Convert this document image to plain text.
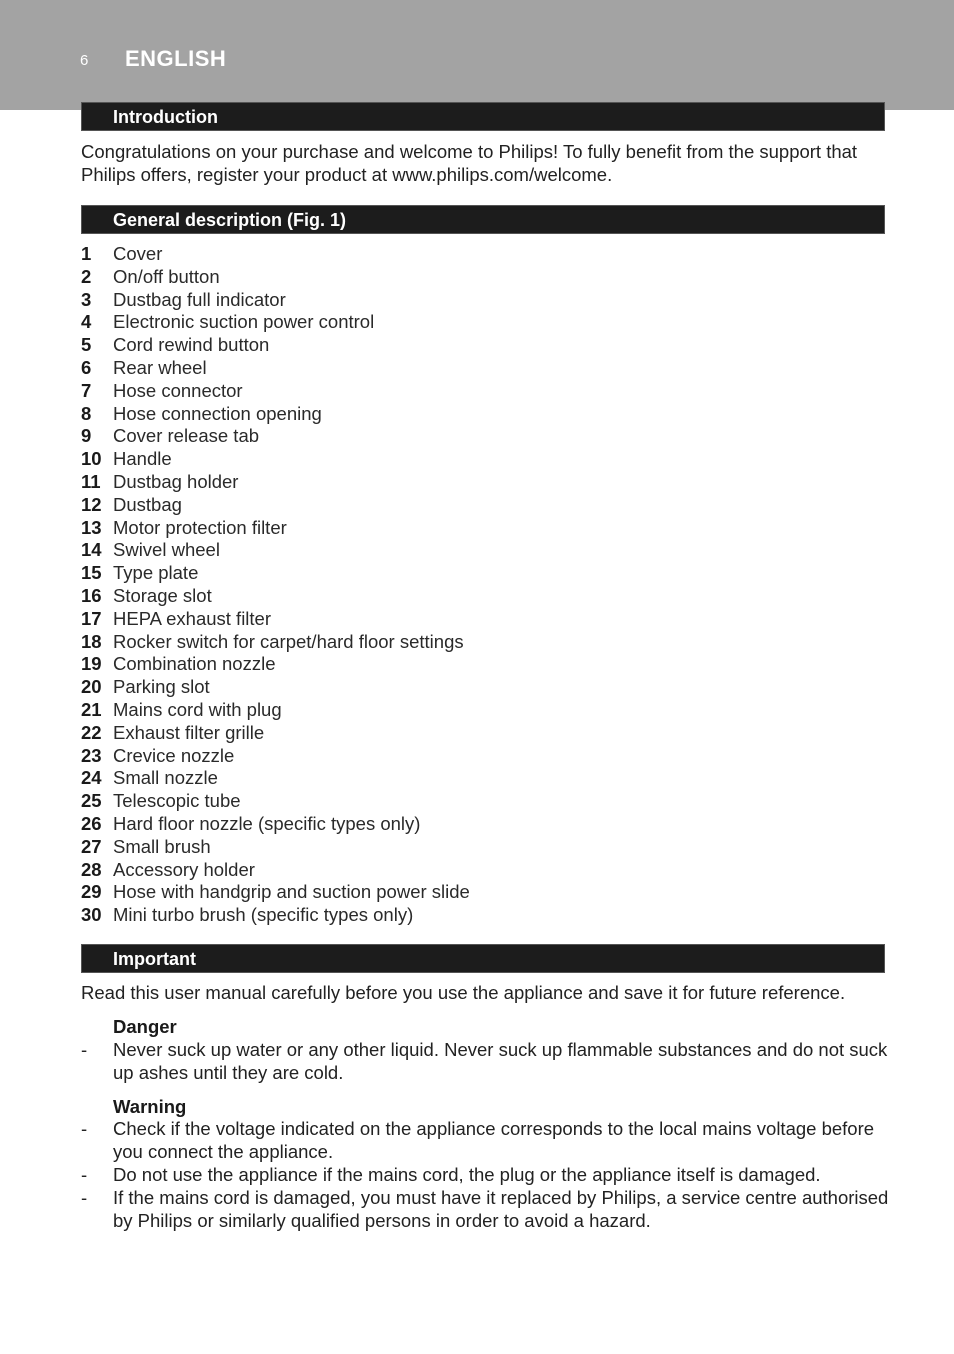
6 ENGLISH
Introduction
Congratulations on your purchase and welcome to Philips! To fully benefit from the support that Philips offers, register your product at www.philips.com/welcome.
General description (Fig. 1)
1 Cover
2 On/off button
3 Dustbag full indicator
4 Electronic suction power control
5 Cord rewind button
6 Rear wheel
7 Hose connector
8 Hose connection opening
9 Cover release tab
10 Handle
11 Dustbag holder
12 Dustbag
13 Motor protection filter
14 Swivel wheel
15 Type plate
16 Storage slot
17 HEPA exhaust filter
18 Rocker switch for carpet/hard floor settings
19 Combination nozzle
20 Parking slot
21 Mains cord with plug
22 Exhaust filter grille
23 Crevice nozzle
24 Small nozzle
25 Telescopic tube
26 Hard floor nozzle (specific types only)
27 Small brush
28 Accessory holder
29 Hose with handgrip and suction power slide
30 Mini turbo brush (specific types only)
Important
Read this user manual carefully before you use the appliance and save it for future reference.
Danger
- Never suck up water or any other liquid. Never suck up flammable substances and do not suck up ashes until they are cold.
Warning
- Check if the voltage indicated on the appliance corresponds to the local mains voltage before you connect the appliance.
- Do not use the appliance if the mains cord, the plug or the appliance itself is damaged.
- If the mains cord is damaged, you must have it replaced by Philips, a service centre authorised by Philips or similarly qualified persons in order to avoid a hazard.
